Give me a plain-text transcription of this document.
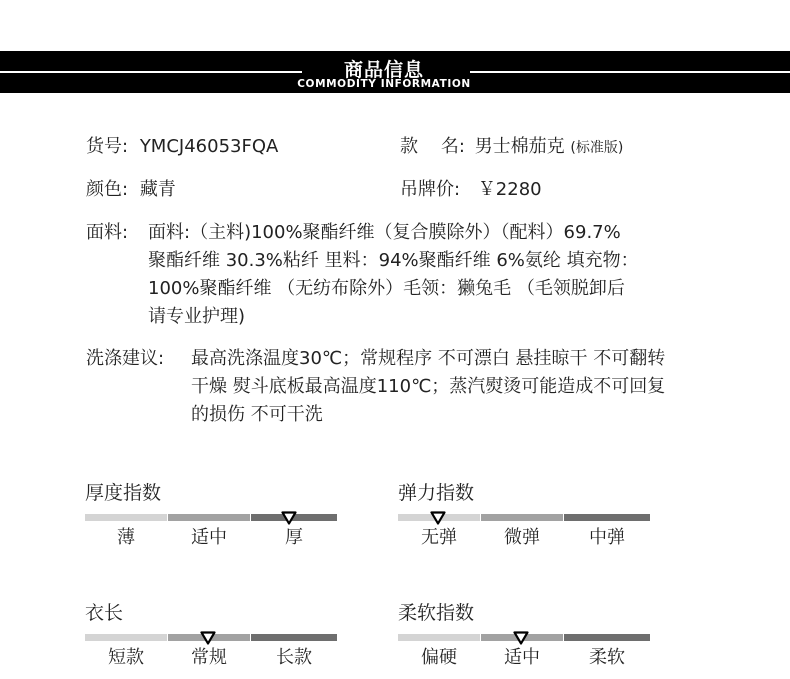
商品信息
COMMODITY INFORMATION
货号: YMCJ46053FQA	款    名: 男士棉茄克 (标准版)
颜色: 藏青	吊牌价: ￥2280
面料: 面料:（主料)100%聚酯纤维（复合膜除外）（配料）69.7%
聚酯纤维 30.3%粘纤 里料：94%聚酯纤维 6%氨纶 填充物：
100%聚酯纤维 （无纺布除外）毛领：獭兔毛 （毛领脱卸后
请专业护理)
洗涤建议: 最高洗涤温度30℃；常规程序 不可漂白 悬挂晾干 不可翻转
干燥 熨斗底板最高温度110℃；蒸汽熨烫可能造成不可回复
的损伤 不可干洗
厚度指数
薄	适中	厚
弹力指数
无弹	微弹	中弹
衣长
短款	常规	长款
柔软指数
偏硬	适中	柔软
